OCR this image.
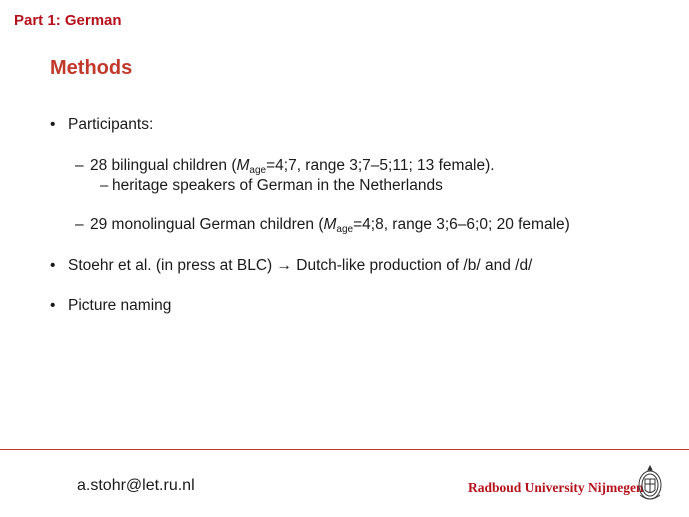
Part 1: German
Methods
• Participants:
– 28 bilingual children ($M_{age}=4;7$, range 3;7–5;11; 13 female).
– heritage speakers of German in the Netherlands
– 29 monolingual German children ($M_{age}=4;8$, range 3;6–6;0; 20 female)
• Stoehr et al. (in press at BLC) → Dutch-like production of /b/ and /d/
• Picture naming
a.stohr@let.ru.nl	Radboud University Nijmegen
